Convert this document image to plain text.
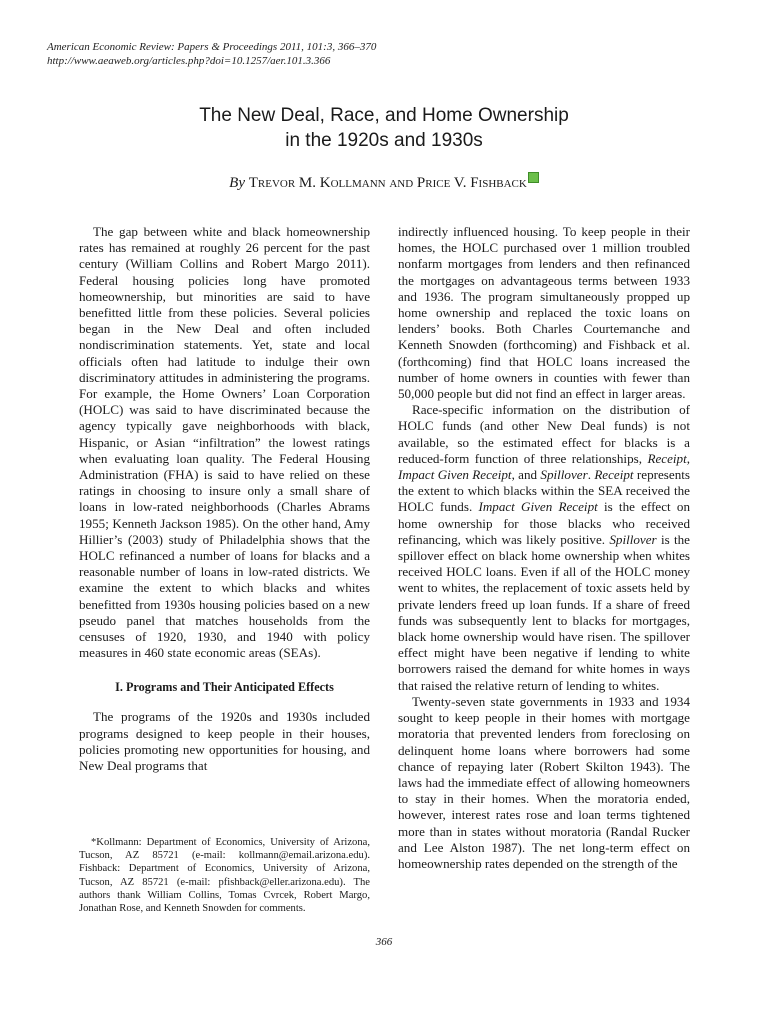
American Economic Review: Papers & Proceedings 2011, 101:3, 366–370
http://www.aeaweb.org/articles.php?doi=10.1257/aer.101.3.366
The New Deal, Race, and Home Ownership
in the 1920s and 1930s
By Trevor M. Kollmann and Price V. Fishback

The gap between white and black homeownership rates has remained at roughly 26 percent for the past century (William Collins and Robert Margo 2011). Federal housing policies long have promoted homeownership, but minorities are said to have benefitted little from these policies. Several policies began in the New Deal and often included nondiscrimination statements. Yet, state and local officials often had latitude to indulge their own discriminatory attitudes in administering the programs. For example, the Home Owners’ Loan Corporation (HOLC) was said to have discriminated because the agency typically gave neighborhoods with black, Hispanic, or Asian “infiltration” the lowest ratings when evaluating loan quality. The Federal Housing Administration (FHA) is said to have relied on these ratings in choosing to insure only a small share of loans in low-rated neighborhoods (Charles Abrams 1955; Kenneth Jackson 1985). On the other hand, Amy Hillier’s (2003) study of Philadelphia shows that the HOLC refinanced a number of loans for blacks and a reasonable number of loans in low-rated districts. We examine the extent to which blacks and whites benefitted from 1930s housing policies based on a new pseudo panel that matches households from the censuses of 1920, 1930, and 1940 with policy measures in 460 state economic areas (SEAs).

I. Programs and Their Anticipated Effects

The programs of the 1920s and 1930s included programs designed to keep people in their houses, policies promoting new opportunities for housing, and New Deal programs that

*Kollmann: Department of Economics, University of Arizona, Tucson, AZ 85721 (e-mail: kollmann@email.arizona.edu). Fishback: Department of Economics, University of Arizona, Tucson, AZ 85721 (e-mail: pfishback@eller.arizona.edu). The authors thank William Collins, Tomas Cvrcek, Robert Margo, Jonathan Rose, and Kenneth Snowden for comments.

indirectly influenced housing. To keep people in their homes, the HOLC purchased over 1 million troubled nonfarm mortgages from lenders and then refinanced the mortgages on advantageous terms between 1933 and 1936. The program simultaneously propped up home ownership and replaced the toxic loans on lenders’ books. Both Charles Courtemanche and Kenneth Snowden (forthcoming) and Fishback et al. (forthcoming) find that HOLC loans increased the number of home owners in counties with fewer than 50,000 people but did not find an effect in larger areas.

Race-specific information on the distribution of HOLC funds (and other New Deal funds) is not available, so the estimated effect for blacks is a reduced-form function of three relationships, Receipt, Impact Given Receipt, and Spillover. Receipt represents the extent to which blacks within the SEA received the HOLC funds. Impact Given Receipt is the effect on home ownership for those blacks who received refinancing, which was likely positive. Spillover is the spillover effect on black home ownership when whites received HOLC loans. Even if all of the HOLC money went to whites, the replacement of toxic assets held by private lenders freed up loan funds. If a share of freed funds was subsequently lent to blacks for mortgages, black home ownership would have risen. The spillover effect might have been negative if lending to white borrowers raised the demand for white homes in ways that raised the relative return of lending to whites.

Twenty-seven state governments in 1933 and 1934 sought to keep people in their homes with mortgage moratoria that prevented lenders from foreclosing on delinquent home loans where borrowers had some chance of repaying later (Robert Skilton 1943). The laws had the immediate effect of allowing homeowners to stay in their homes. When the moratoria ended, however, interest rates rose and loan terms tightened more than in states without moratoria (Randal Rucker and Lee Alston 1987). The net long-term effect on homeownership rates depended on the strength of the

366
